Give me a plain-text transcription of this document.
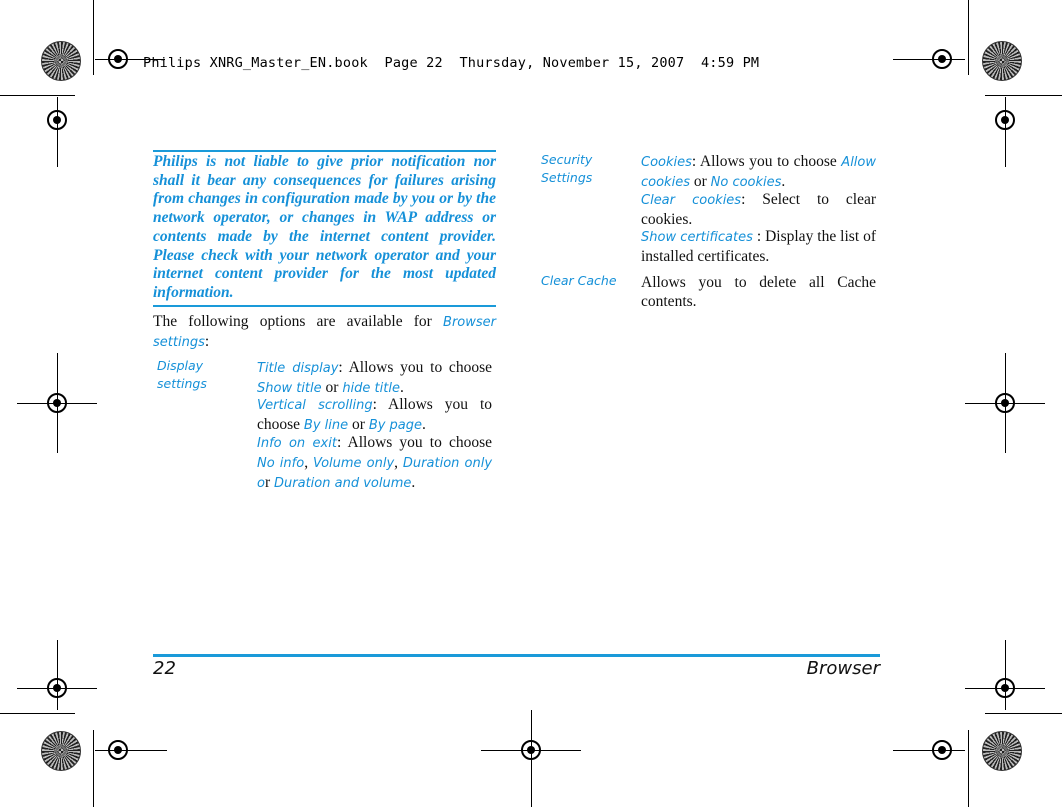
Philips XNRG_Master_EN.book  Page 22  Thursday, November 15, 2007  4:59 PM
Philips is not liable to give prior notification nor shall it bear any consequences for failures arising from changes in configuration made by you or by the network operator, or changes in WAP address or contents made by the internet content provider. Please check with your network operator and your internet content provider for the most updated information.
The following options are available for Browser settings:
Display
settings
Title display: Allows you to choose Show title or hide title.
Vertical scrolling: Allows you to choose By line or By page.
Info on exit: Allows you to choose No info, Volume only, Duration only or Duration and volume.
Security
Settings
Cookies: Allows you to choose Allow cookies or No cookies.
Clear cookies: Select to clear cookies.
Show certificates : Display the list of installed certificates.
Clear Cache	Allows you to delete all Cache contents.
22	Browser
